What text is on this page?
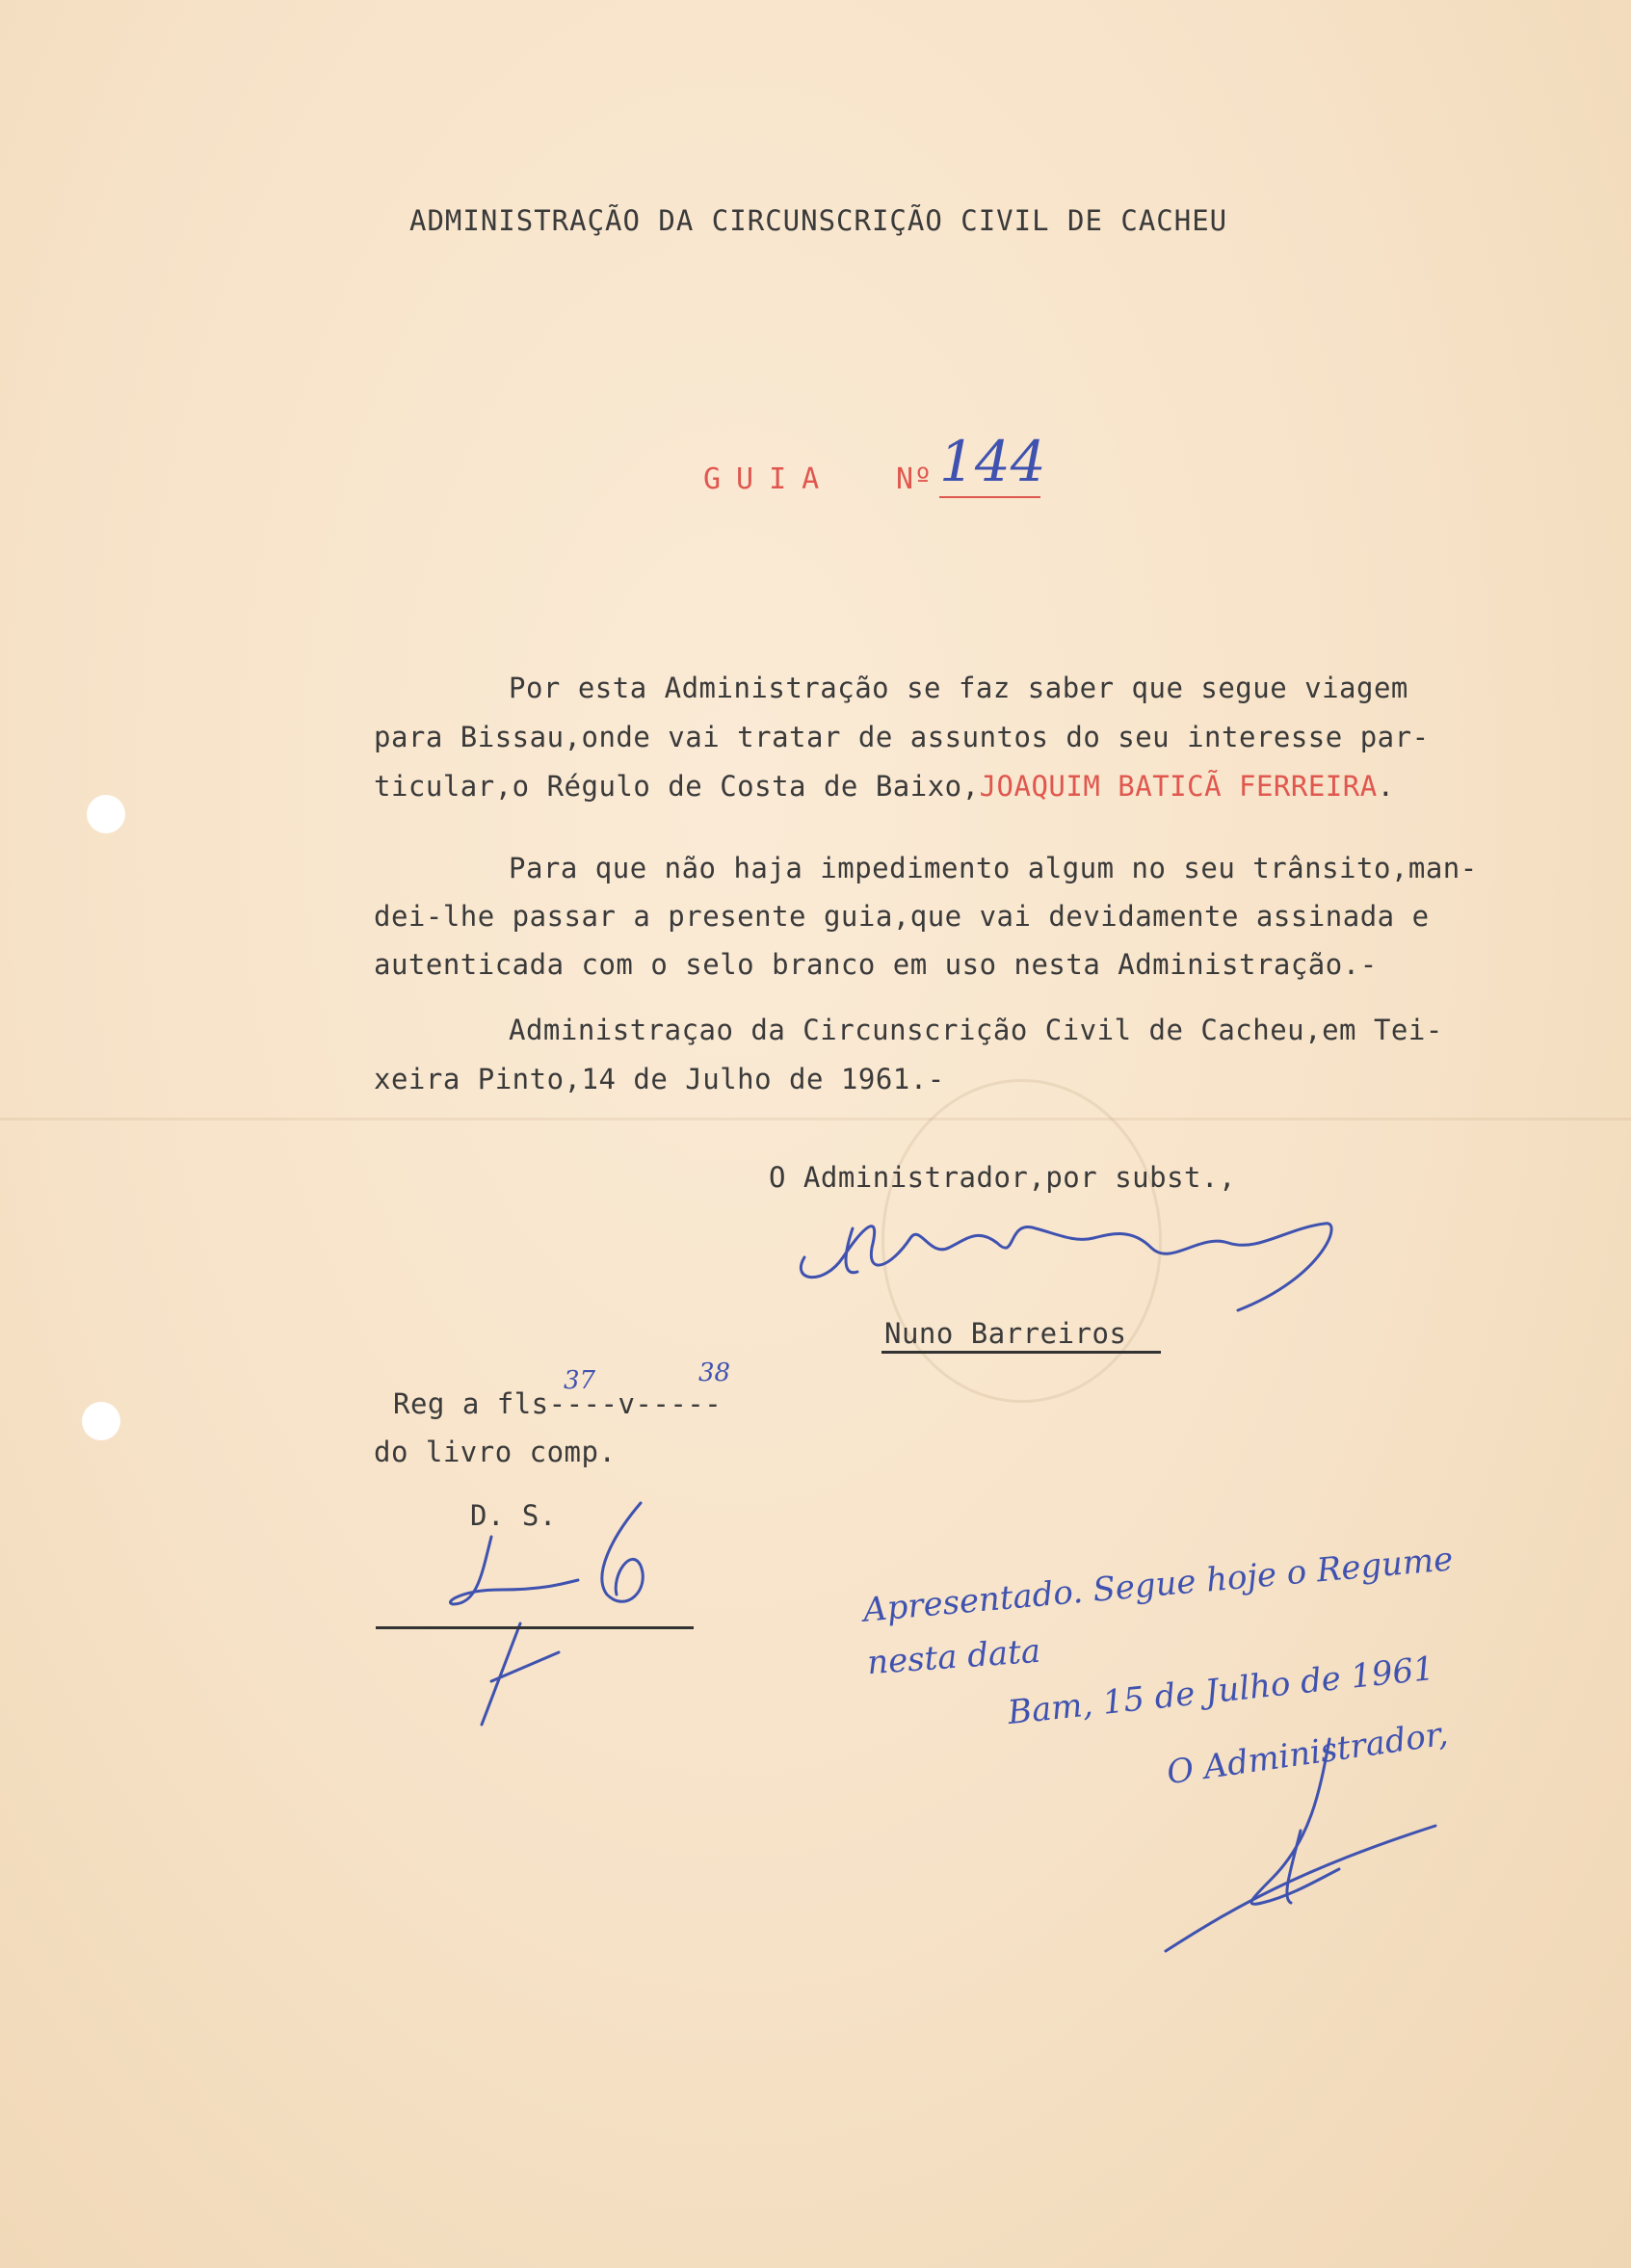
ADMINISTRAÇÃO DA CIRCUNSCRIÇÃO CIVIL DE CACHEU
GUIA Nº 144
Por esta Administração se faz saber que segue viagem
para Bissau,onde vai tratar de assuntos do seu interesse par-
ticular,o Régulo de Costa de Baixo,JOAQUIM BATICÃ FERREIRA.
Para que não haja impedimento algum no seu trânsito,man-
dei-lhe passar a presente guia,que vai devidamente assinada e
autenticada com o selo branco em uso nesta Administração.-
Administraçao da Circunscrição Civil de Cacheu,em Tei-
xeira Pinto,14 de Julho de 1961.-
O Administrador,por subst.,
Nuno Barreiros
Reg a fls----v-----
37	38
do livro comp.
D. S.
Apresentado. Segue hoje o Regume
nesta data
Bam, 15 de Julho de 1961
O Administrador,
